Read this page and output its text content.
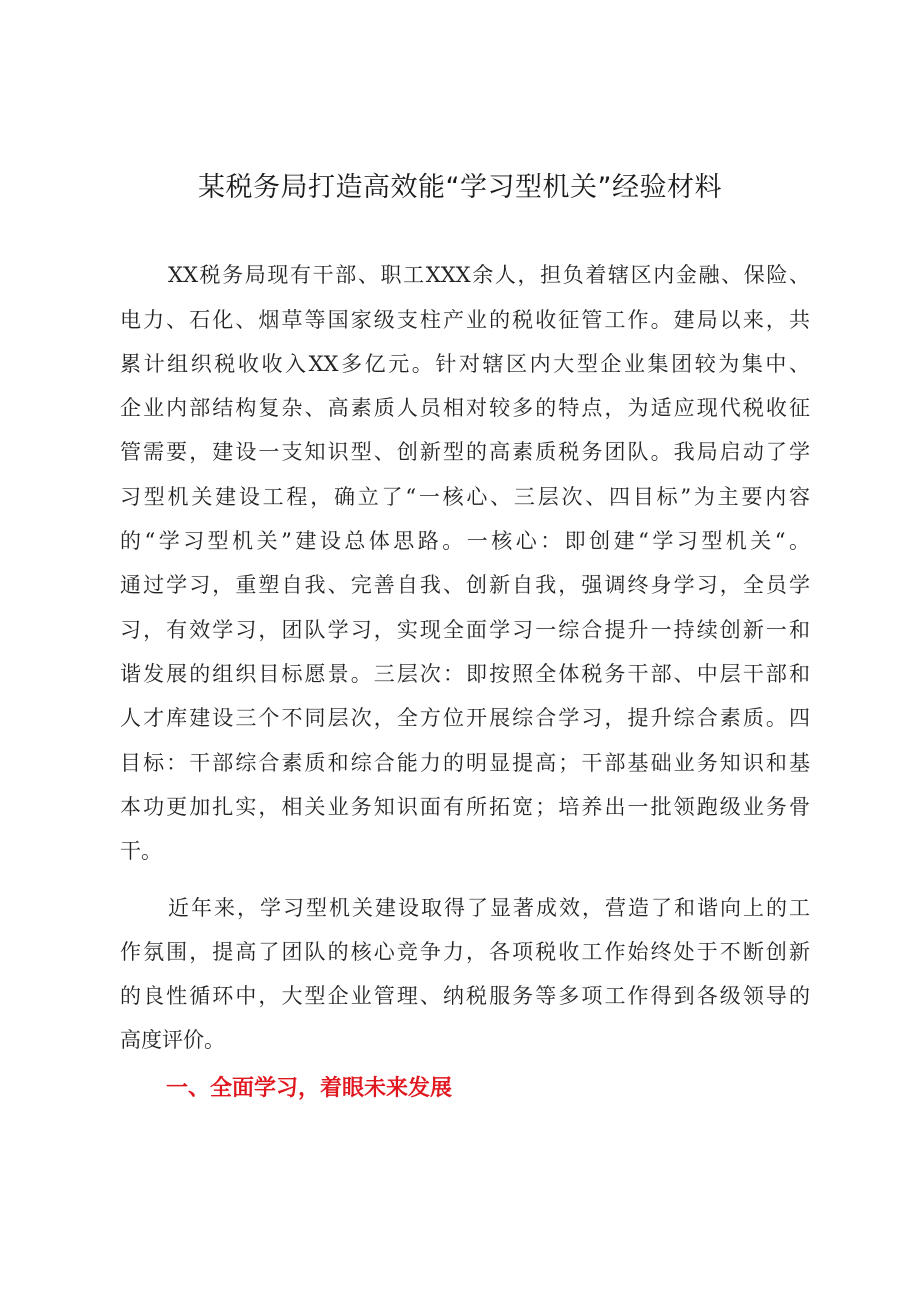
某税务局打造高效能“学习型机关”经验材料
XX税务局现有干部、职工XXX余人，担负着辖区内金融、保险、
电力、石化、烟草等国家级支柱产业的税收征管工作。建局以来，共
累计组织税收收入XX多亿元。针对辖区内大型企业集团较为集中、
企业内部结构复杂、高素质人员相对较多的特点，为适应现代税收征
管需要，建设一支知识型、创新型的高素质税务团队。我局启动了学
习型机关建设工程，确立了“一核心、三层次、四目标”为主要内容
的“学习型机关”建设总体思路。一核心：即创建“学习型机关“。
通过学习，重塑自我、完善自我、创新自我，强调终身学习，全员学
习，有效学习，团队学习，实现全面学习一综合提升一持续创新一和
谐发展的组织目标愿景。三层次：即按照全体税务干部、中层干部和
人才库建设三个不同层次，全方位开展综合学习，提升综合素质。四
目标：干部综合素质和综合能力的明显提高；干部基础业务知识和基
本功更加扎实，相关业务知识面有所拓宽；培养出一批领跑级业务骨
干。
近年来，学习型机关建设取得了显著成效，营造了和谐向上的工
作氛围，提高了团队的核心竞争力，各项税收工作始终处于不断创新
的良性循环中，大型企业管理、纳税服务等多项工作得到各级领导的
高度评价。
一、全面学习，着眼未来发展
